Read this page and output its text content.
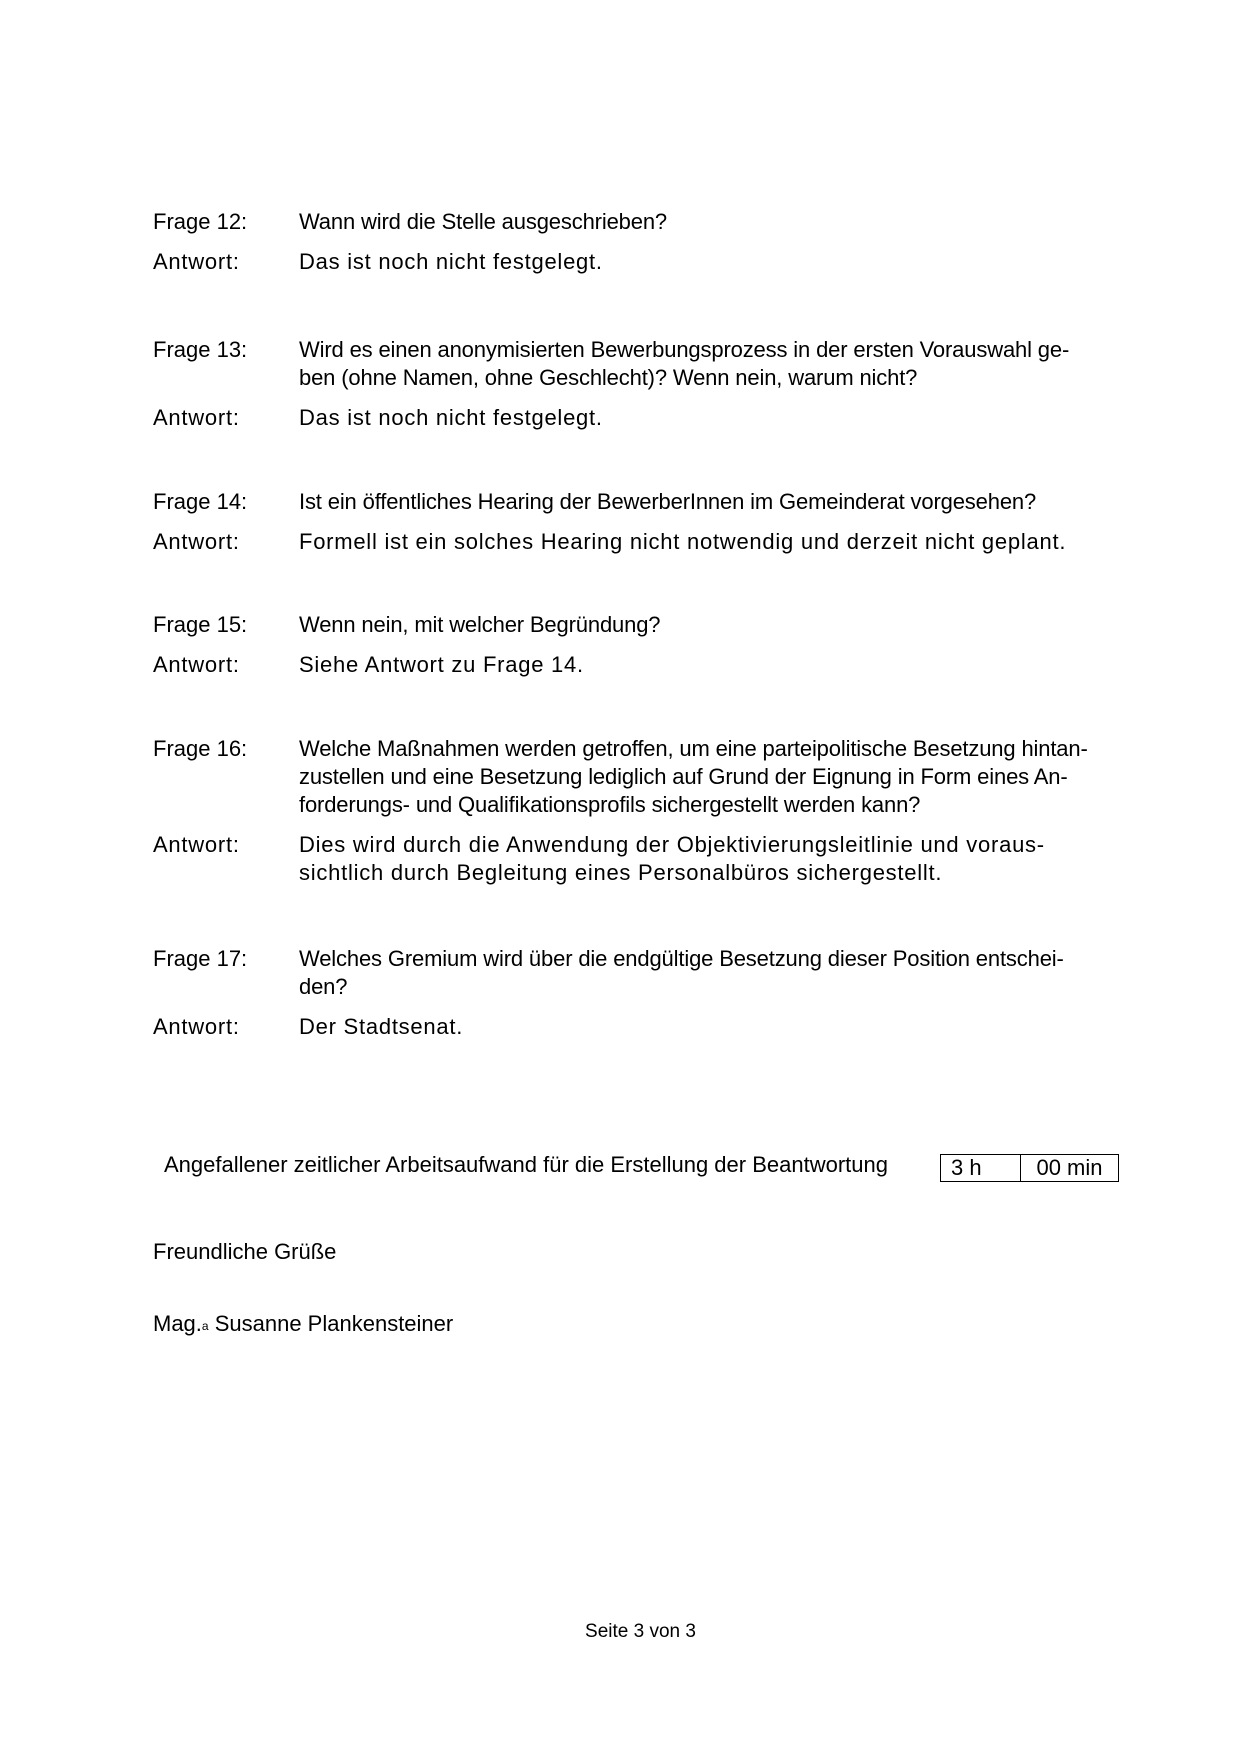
Frage 12:	Wann wird die Stelle ausgeschrieben?
Antwort:	Das ist noch nicht festgelegt.
Frage 13:	Wird es einen anonymisierten Bewerbungsprozess in der ersten Vorauswahl ge-
ben (ohne Namen, ohne Geschlecht)? Wenn nein, warum nicht?
Antwort:	Das ist noch nicht festgelegt.
Frage 14:	Ist ein öffentliches Hearing der BewerberInnen im Gemeinderat vorgesehen?
Antwort:	Formell ist ein solches Hearing nicht notwendig und derzeit nicht geplant.
Frage 15:	Wenn nein, mit welcher Begründung?
Antwort:	Siehe Antwort zu Frage 14.
Frage 16:	Welche Maßnahmen werden getroffen, um eine parteipolitische Besetzung hintan-
zustellen und eine Besetzung lediglich auf Grund der Eignung in Form eines An-
forderungs- und Qualifikationsprofils sichergestellt werden kann?
Antwort:	Dies wird durch die Anwendung der Objektivierungsleitlinie und voraus-
sichtlich durch Begleitung eines Personalbüros sichergestellt.
Frage 17:	Welches Gremium wird über die endgültige Besetzung dieser Position entschei-
den?
Antwort:	Der Stadtsenat.
Angefallener zeitlicher Arbeitsaufwand für die Erstellung der Beantwortung	3 h	00 min
Freundliche Grüße
Mag.$^a$ Susanne Plankensteiner
Seite 3 von 3
